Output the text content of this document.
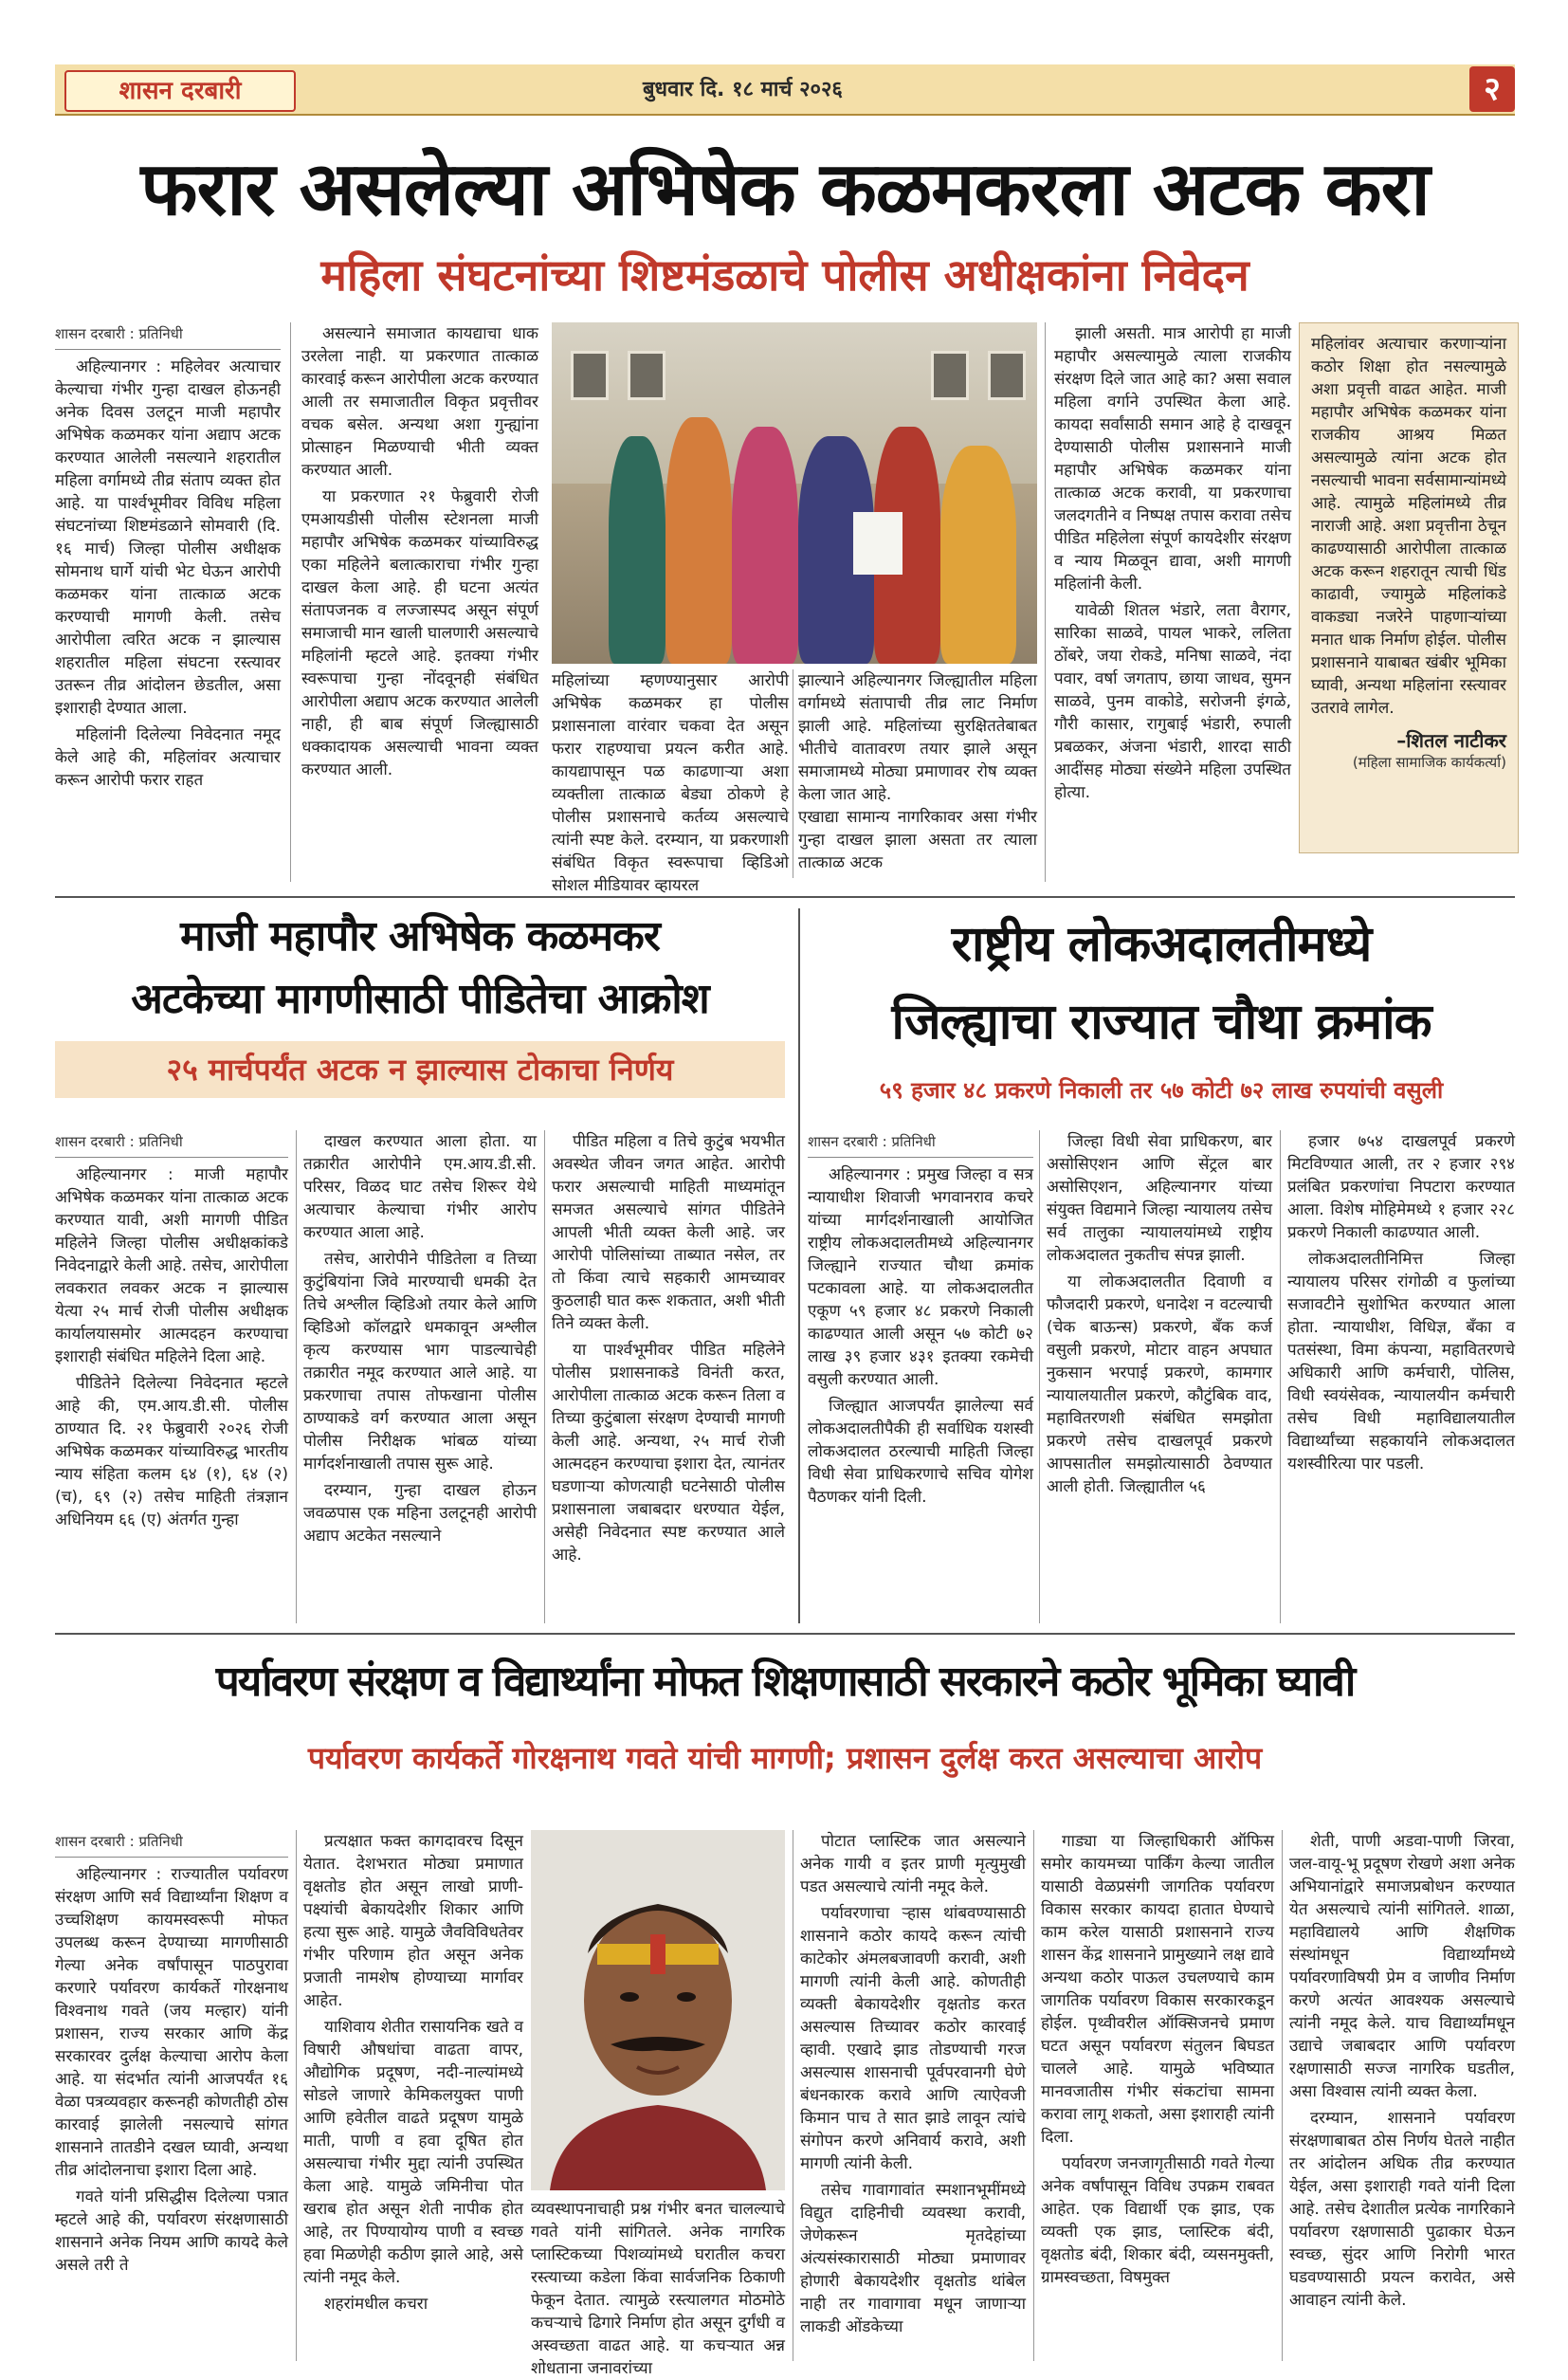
शासन दरबारी	बुधवार दि. १८ मार्च २०२६	२
फरार असलेल्या अभिषेक कळमकरला अटक करा
महिला संघटनांच्या शिष्टमंडळाचे पोलीस अधीक्षकांना निवेदन
शासन दरबारी : प्रतिनिधी

अहिल्यानगर : महिलेवर अत्याचार केल्याचा गंभीर गुन्हा दाखल होऊनही अनेक दिवस उलटून माजी महापौर अभिषेक कळमकर यांना अद्याप अटक करण्यात आलेली नसल्याने शहरातील महिला वर्गामध्ये तीव्र संताप व्यक्त होत आहे. या पार्श्वभूमीवर विविध महिला संघटनांच्या शिष्टमंडळाने सोमवारी (दि. १६ मार्च) जिल्हा पोलीस अधीक्षक सोमनाथ घार्गे यांची भेट घेऊन आरोपी कळमकर यांना तात्काळ अटक करण्याची मागणी केली. तसेच आरोपीला त्वरित अटक न झाल्यास शहरातील महिला संघटना रस्त्यावर उतरून तीव्र आंदोलन छेडतील, असा इशाराही देण्यात आला.

महिलांनी दिलेल्या निवेदनात नमूद केले आहे की, महिलांवर अत्याचार करून आरोपी फरार राहत

असल्याने समाजात कायद्याचा धाक उरलेला नाही. या प्रकरणात तात्काळ कारवाई करून आरोपीला अटक करण्यात आली तर समाजातील विकृत प्रवृत्तीवर वचक बसेल. अन्यथा अशा गुन्ह्यांना प्रोत्साहन मिळण्याची भीती व्यक्त करण्यात आली.

या प्रकरणात २१ फेब्रुवारी रोजी एमआयडीसी पोलीस स्टेशनला माजी महापौर अभिषेक कळमकर यांच्याविरुद्ध एका महिलेने बलात्काराचा गंभीर गुन्हा दाखल केला आहे. ही घटना अत्यंत संतापजनक व लज्जास्पद असून संपूर्ण समाजाची मान खाली घालणारी असल्याचे महिलांनी म्हटले आहे. इतक्या गंभीर स्वरूपाचा गुन्हा नोंदवूनही संबंधित आरोपीला अद्याप अटक करण्यात आलेली नाही, ही बाब संपूर्ण जिल्ह्यासाठी धक्कादायक असल्याची भावना व्यक्त करण्यात आली.

महिलांच्या म्हणण्यानुसार आरोपी अभिषेक कळमकर हा पोलीस प्रशासनाला वारंवार चकवा देत असून फरार राहण्याचा प्रयत्न करीत आहे. कायद्यापासून पळ काढणाऱ्या अशा व्यक्तीला तात्काळ बेड्या ठोकणे हे पोलीस प्रशासनाचे कर्तव्य असल्याचे त्यांनी स्पष्ट केले. दरम्यान, या प्रकरणाशी संबंधित विकृत स्वरूपाचा व्हिडिओ सोशल मीडियावर व्हायरल
झाल्याने अहिल्यानगर जिल्ह्यातील महिला वर्गामध्ये संतापाची तीव्र लाट निर्माण झाली आहे. महिलांच्या सुरक्षिततेबाबत भीतीचे वातावरण तयार झाले असून समाजामध्ये मोठ्या प्रमाणावर रोष व्यक्त केला जात आहे.
एखाद्या सामान्य नागरिकावर असा गंभीर गुन्हा दाखल झाला असता तर त्याला तात्काळ अटक

झाली असती. मात्र आरोपी हा माजी महापौर असल्यामुळे त्याला राजकीय संरक्षण दिले जात आहे का? असा सवाल महिला वर्गाने उपस्थित केला आहे. कायदा सर्वांसाठी समान आहे हे दाखवून देण्यासाठी पोलीस प्रशासनाने माजी महापौर अभिषेक कळमकर यांना तात्काळ अटक करावी, या प्रकरणाचा जलदगतीने व निष्पक्ष तपास करावा तसेच पीडित महिलेला संपूर्ण कायदेशीर संरक्षण व न्याय मिळवून द्यावा, अशी मागणी महिलांनी केली.

यावेळी शितल भंडारे, लता वैरागर, सारिका साळवे, पायल भाकरे, ललिता ठोंबरे, जया रोकडे, मनिषा साळवे, नंदा पवार, वर्षा जगताप, छाया जाधव, सुमन साळवे, पुनम वाकोडे, सरोजनी इंगळे, गौरी कासार, रागुबाई भंडारी, रुपाली प्रबळकर, अंजना भंडारी, शारदा साठी आदींसह मोठ्या संख्येने महिला उपस्थित होत्या.

महिलांवर अत्याचार करणाऱ्यांना कठोर शिक्षा होत नसल्यामुळे अशा प्रवृत्ती वाढत आहेत. माजी महापौर अभिषेक कळमकर यांना राजकीय आश्रय मिळत असल्यामुळे त्यांना अटक होत नसल्याची भावना सर्वसामान्यांमध्ये आहे. त्यामुळे महिलांमध्ये तीव्र नाराजी आहे. अशा प्रवृत्तीना ठेचून काढण्यासाठी आरोपीला तात्काळ अटक करून शहरातून त्याची धिंड काढावी, ज्यामुळे महिलांकडे वाकड्या नजरेने पाहणाऱ्यांच्या मनात धाक निर्माण होईल. पोलीस प्रशासनाने याबाबत खंबीर भूमिका घ्यावी, अन्यथा महिलांना रस्त्यावर उतरावे लागेल.
–शितल नाटीकर
(महिला सामाजिक कार्यकर्त्या)
माजी महापौर अभिषेक कळमकर
अटकेच्या मागणीसाठी पीडितेचा आक्रोश
२५ मार्चपर्यंत अटक न झाल्यास टोकाचा निर्णय
शासन दरबारी : प्रतिनिधी

अहिल्यानगर : माजी महापौर अभिषेक कळमकर यांना तात्काळ अटक करण्यात यावी, अशी मागणी पीडित महिलेने जिल्हा पोलीस अधीक्षकांकडे निवेदनाद्वारे केली आहे. तसेच, आरोपीला लवकरात लवकर अटक न झाल्यास येत्या २५ मार्च रोजी पोलीस अधीक्षक कार्यालयासमोर आत्मदहन करण्याचा इशाराही संबंधित महिलेने दिला आहे.

पीडितेने दिलेल्या निवेदनात म्हटले आहे की, एम.आय.डी.सी. पोलीस ठाण्यात दि. २१ फेब्रुवारी २०२६ रोजी अभिषेक कळमकर यांच्याविरुद्ध भारतीय न्याय संहिता कलम ६४ (१), ६४ (२) (च), ६९ (२) तसेच माहिती तंत्रज्ञान अधिनियम ६६ (ए) अंतर्गत गुन्हा

दाखल करण्यात आला होता. या तक्रारीत आरोपीने एम.आय.डी.सी. परिसर, विळद घाट तसेच शिरूर येथे अत्याचार केल्याचा गंभीर आरोप करण्यात आला आहे.

तसेच, आरोपीने पीडितेला व तिच्या कुटुंबियांना जिवे मारण्याची धमकी देत तिचे अश्लील व्हिडिओ तयार केले आणि व्हिडिओ कॉलद्वारे धमकावून अश्लील कृत्य करण्यास भाग पाडल्याचेही तक्रारीत नमूद करण्यात आले आहे. या प्रकरणाचा तपास तोफखाना पोलीस ठाण्याकडे वर्ग करण्यात आला असून पोलीस निरीक्षक भांबळ यांच्या मार्गदर्शनाखाली तपास सुरू आहे.

दरम्यान, गुन्हा दाखल होऊन जवळपास एक महिना उलटूनही आरोपी अद्याप अटकेत नसल्याने

पीडित महिला व तिचे कुटुंब भयभीत अवस्थेत जीवन जगत आहेत. आरोपी फरार असल्याची माहिती माध्यमांतून समजत असल्याचे सांगत पीडितेने आपली भीती व्यक्त केली आहे. जर आरोपी पोलिसांच्या ताब्यात नसेल, तर तो किंवा त्याचे सहकारी आमच्यावर कुठलाही घात करू शकतात, अशी भीती तिने व्यक्त केली.

या पार्श्वभूमीवर पीडित महिलेने पोलीस प्रशासनाकडे विनंती करत, आरोपीला तात्काळ अटक करून तिला व तिच्या कुटुंबाला संरक्षण देण्याची मागणी केली आहे. अन्यथा, २५ मार्च रोजी आत्मदहन करण्याचा इशारा देत, त्यानंतर घडणाऱ्या कोणत्याही घटनेसाठी पोलीस प्रशासनाला जबाबदार धरण्यात येईल, असेही निवेदनात स्पष्ट करण्यात आले आहे.

राष्ट्रीय लोकअदालतीमध्ये
जिल्ह्याचा राज्यात चौथा क्रमांक
५९ हजार ४८ प्रकरणे निकाली तर ५७ कोटी ७२ लाख रुपयांची वसुली
शासन दरबारी : प्रतिनिधी

अहिल्यानगर : प्रमुख जिल्हा व सत्र न्यायाधीश शिवाजी भगवानराव कचरे यांच्या मार्गदर्शनाखाली आयोजित राष्ट्रीय लोकअदालतीमध्ये अहिल्यानगर जिल्ह्याने राज्यात चौथा क्रमांक पटकावला आहे. या लोकअदालतीत एकूण ५९ हजार ४८ प्रकरणे निकाली काढण्यात आली असून ५७ कोटी ७२ लाख ३९ हजार ४३१ इतक्या रकमेची वसुली करण्यात आली.

जिल्ह्यात आजपर्यंत झालेल्या सर्व लोकअदालतीपैकी ही सर्वाधिक यशस्वी लोकअदालत ठरल्याची माहिती जिल्हा विधी सेवा प्राधिकरणाचे सचिव योगेश पैठणकर यांनी दिली.

जिल्हा विधी सेवा प्राधिकरण, बार असोसिएशन आणि सेंट्रल बार असोसिएशन, अहिल्यानगर यांच्या संयुक्त विद्यमाने जिल्हा न्यायालय तसेच सर्व तालुका न्यायालयांमध्ये राष्ट्रीय लोकअदालत नुकतीच संपन्न झाली.

या लोकअदालतीत दिवाणी व फौजदारी प्रकरणे, धनादेश न वटल्याची (चेक बाऊन्स) प्रकरणे, बँक कर्ज वसुली प्रकरणे, मोटार वाहन अपघात नुकसान भरपाई प्रकरणे, कामगार न्यायालयातील प्रकरणे, कौटुंबिक वाद, महावितरणशी संबंधित समझोता प्रकरणे तसेच दाखलपूर्व प्रकरणे आपसातील समझोत्यासाठी ठेवण्यात आली होती. जिल्ह्यातील ५६

हजार ७५४ दाखलपूर्व प्रकरणे मिटविण्यात आली, तर २ हजार २९४ प्रलंबित प्रकरणांचा निपटारा करण्यात आला. विशेष मोहिमेमध्ये १ हजार २२८ प्रकरणे निकाली काढण्यात आली.

लोकअदालतीनिमित्त जिल्हा न्यायालय परिसर रांगोळी व फुलांच्या सजावटीने सुशोभित करण्यात आला होता. न्यायाधीश, विधिज्ञ, बँका व पतसंस्था, विमा कंपन्या, महावितरणचे अधिकारी आणि कर्मचारी, पोलिस, विधी स्वयंसेवक, न्यायालयीन कर्मचारी तसेच विधी महाविद्यालयातील विद्यार्थ्यांच्या सहकार्याने लोकअदालत यशस्वीरित्या पार पडली.

पर्यावरण संरक्षण व विद्यार्थ्यांना मोफत शिक्षणासाठी सरकारने कठोर भूमिका घ्यावी
पर्यावरण कार्यकर्ते गोरक्षनाथ गवते यांची मागणी; प्रशासन दुर्लक्ष करत असल्याचा आरोप
शासन दरबारी : प्रतिनिधी

अहिल्यानगर : राज्यातील पर्यावरण संरक्षण आणि सर्व विद्यार्थ्यांना शिक्षण व उच्चशिक्षण कायमस्वरूपी मोफत उपलब्ध करून देण्याच्या मागणीसाठी गेल्या अनेक वर्षांपासून पाठपुरावा करणारे पर्यावरण कार्यकर्ते गोरक्षनाथ विश्वनाथ गवते (जय मल्हार) यांनी प्रशासन, राज्य सरकार आणि केंद्र सरकारवर दुर्लक्ष केल्याचा आरोप केला आहे. या संदर्भात त्यांनी आजपर्यंत १६ वेळा पत्रव्यवहार करूनही कोणतीही ठोस कारवाई झालेली नसल्याचे सांगत शासनाने तातडीने दखल घ्यावी, अन्यथा तीव्र आंदोलनाचा इशारा दिला आहे.

गवते यांनी प्रसिद्धीस दिलेल्या पत्रात म्हटले आहे की, पर्यावरण संरक्षणासाठी शासनाने अनेक नियम आणि कायदे केले असले तरी ते

प्रत्यक्षात फक्त कागदावरच दिसून येतात. देशभरात मोठ्या प्रमाणात वृक्षतोड होत असून लाखो प्राणी-पक्ष्यांची बेकायदेशीर शिकार आणि हत्या सुरू आहे. यामुळे जैवविविधतेवर गंभीर परिणाम होत असून अनेक प्रजाती नामशेष होण्याच्या मार्गावर आहेत.

याशिवाय शेतीत रासायनिक खते व विषारी औषधांचा वाढता वापर, औद्योगिक प्रदूषण, नदी-नाल्यांमध्ये सोडले जाणारे केमिकलयुक्त पाणी आणि हवेतील वाढते प्रदूषण यामुळे माती, पाणी व हवा दूषित होत असल्याचा गंभीर मुद्दा त्यांनी उपस्थित केला आहे. यामुळे जमिनीचा पोत खराब होत असून शेती नापीक होत आहे, तर पिण्यायोग्य पाणी व स्वच्छ हवा मिळणेही कठीण झाले आहे, असे त्यांनी नमूद केले.

शहरांमधील कचरा

व्यवस्थापनाचाही प्रश्न गंभीर बनत चालल्याचे गवते यांनी सांगितले. अनेक नागरिक प्लास्टिकच्या पिशव्यांमध्ये घरातील कचरा रस्त्याच्या कडेला किंवा सार्वजनिक ठिकाणी फेकून देतात. त्यामुळे रस्त्यालगत मोठमोठे कचऱ्याचे ढिगारे निर्माण होत असून दुर्गंधी व अस्वच्छता वाढत आहे. या कचऱ्यात अन्न शोधताना जनावरांच्या

पोटात प्लास्टिक जात असल्याने अनेक गायी व इतर प्राणी मृत्युमुखी पडत असल्याचे त्यांनी नमूद केले.

पर्यावरणाचा ऱ्हास थांबवण्यासाठी शासनाने कठोर कायदे करून त्यांची काटेकोर अंमलबजावणी करावी, अशी मागणी त्यांनी केली आहे. कोणतीही व्यक्ती बेकायदेशीर वृक्षतोड करत असल्यास तिच्यावर कठोर कारवाई व्हावी. एखादे झाड तोडण्याची गरज असल्यास शासनाची पूर्वपरवानगी घेणे बंधनकारक करावे आणि त्याऐवजी किमान पाच ते सात झाडे लावून त्यांचे संगोपन करणे अनिवार्य करावे, अशी मागणी त्यांनी केली.

तसेच गावागावांत स्मशानभूमींमध्ये विद्युत दाहिनीची व्यवस्था करावी, जेणेकरून मृतदेहांच्या अंत्यसंस्कारासाठी मोठ्या प्रमाणावर होणारी बेकायदेशीर वृक्षतोड थांबेल नाही तर गावागावा मधून जाणाऱ्या लाकडी ओंडकेच्या

गाड्या या जिल्हाधिकारी ऑफिस समोर कायमच्या पार्किंग केल्या जातील यासाठी वेळप्रसंगी जागतिक पर्यावरण विकास सरकार कायदा हातात घेण्याचे काम करेल यासाठी प्रशासनाने राज्य शासन केंद्र शासनाने प्रामुख्याने लक्ष द्यावे अन्यथा कठोर पाऊल उचलण्याचे काम जागतिक पर्यावरण विकास सरकारकडून होईल. पृथ्वीवरील ऑक्सिजनचे प्रमाण घटत असून पर्यावरण संतुलन बिघडत चालले आहे. यामुळे भविष्यात मानवजातीस गंभीर संकटांचा सामना करावा लागू शकतो, असा इशाराही त्यांनी दिला.

पर्यावरण जनजागृतीसाठी गवते गेल्या अनेक वर्षांपासून विविध उपक्रम राबवत आहेत. एक विद्यार्थी एक झाड, एक व्यक्ती एक झाड, प्लास्टिक बंदी, वृक्षतोड बंदी, शिकार बंदी, व्यसनमुक्ती, ग्रामस्वच्छता, विषमुक्त

शेती, पाणी अडवा-पाणी जिरवा, जल-वायू-भू प्रदूषण रोखणे अशा अनेक अभियानांद्वारे समाजप्रबोधन करण्यात येत असल्याचे त्यांनी सांगितले. शाळा, महाविद्यालये आणि शैक्षणिक संस्थांमधून विद्यार्थ्यांमध्ये पर्यावरणाविषयी प्रेम व जाणीव निर्माण करणे अत्यंत आवश्यक असल्याचे त्यांनी नमूद केले. याच विद्यार्थ्यांमधून उद्याचे जबाबदार आणि पर्यावरण रक्षणासाठी सज्ज नागरिक घडतील, असा विश्वास त्यांनी व्यक्त केला.

दरम्यान, शासनाने पर्यावरण संरक्षणाबाबत ठोस निर्णय घेतले नाहीत तर आंदोलन अधिक तीव्र करण्यात येईल, असा इशाराही गवते यांनी दिला आहे. तसेच देशातील प्रत्येक नागरिकाने पर्यावरण रक्षणासाठी पुढाकार घेऊन स्वच्छ, सुंदर आणि निरोगी भारत घडवण्यासाठी प्रयत्न करावेत, असे आवाहन त्यांनी केले.
